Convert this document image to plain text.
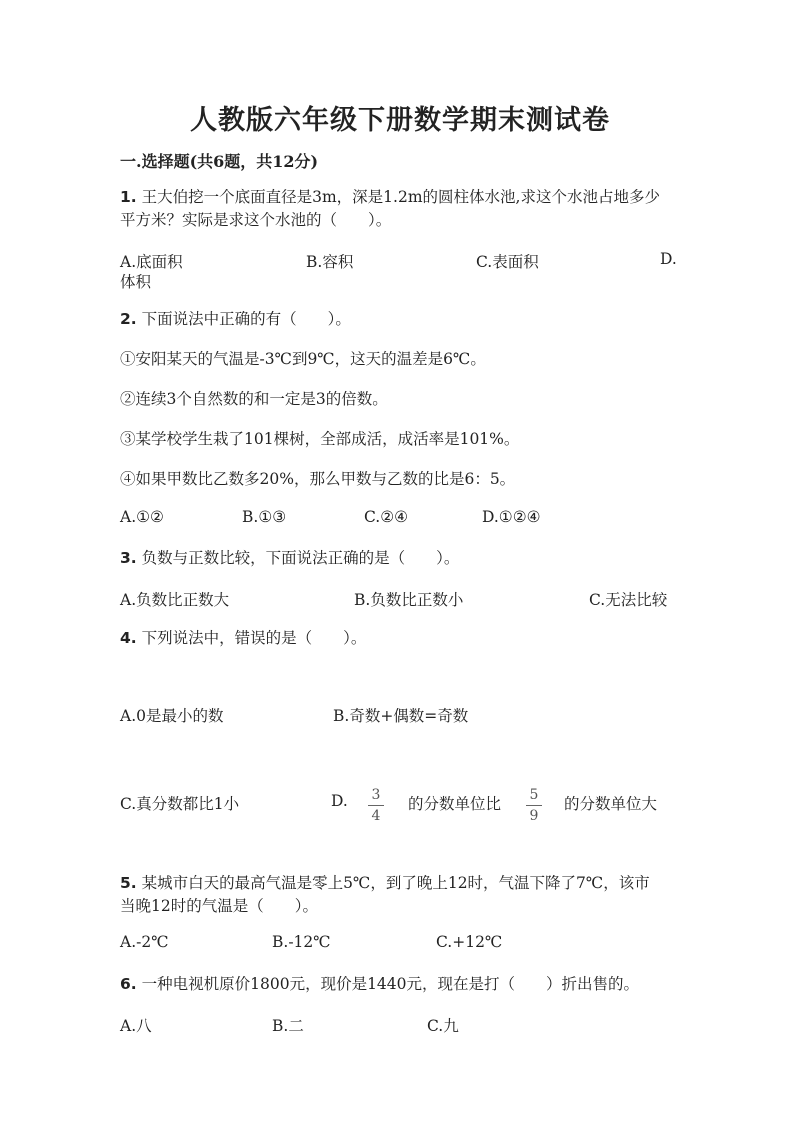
人教版六年级下册数学期末测试卷
一.选择题(共6题，共12分)
1. 王大伯挖一个底面直径是3m，深是1.2m的圆柱体水池,求这个水池占地多少
平方米？实际是求这个水池的（　　）。
A.底面积	B.容积	C.表面积	D.
体积
2. 下面说法中正确的有（　　）。
①安阳某天的气温是-3℃到9℃，这天的温差是6℃。
②连续3个自然数的和一定是3的倍数。
③某学校学生栽了101棵树，全部成活，成活率是101%。
④如果甲数比乙数多20%，那么甲数与乙数的比是6：5。
A.①②	B.①③	C.②④	D.①②④
3. 负数与正数比较，下面说法正确的是（　　）。
A.负数比正数大	B.负数比正数小	C.无法比较
4. 下列说法中，错误的是（　　）。
A.0是最小的数	B.奇数+偶数=奇数
C.真分数都比1小	D. 3
4
的分数单位比 5
9
的分数单位大
5. 某城市白天的最高气温是零上5℃，到了晚上12时，气温下降了7℃，该市
当晚12时的气温是（　　）。
A.-2℃	B.-12℃	C.+12℃
6. 一种电视机原价1800元，现价是1440元，现在是打（　　）折出售的。
A.八	B.二	C.九
